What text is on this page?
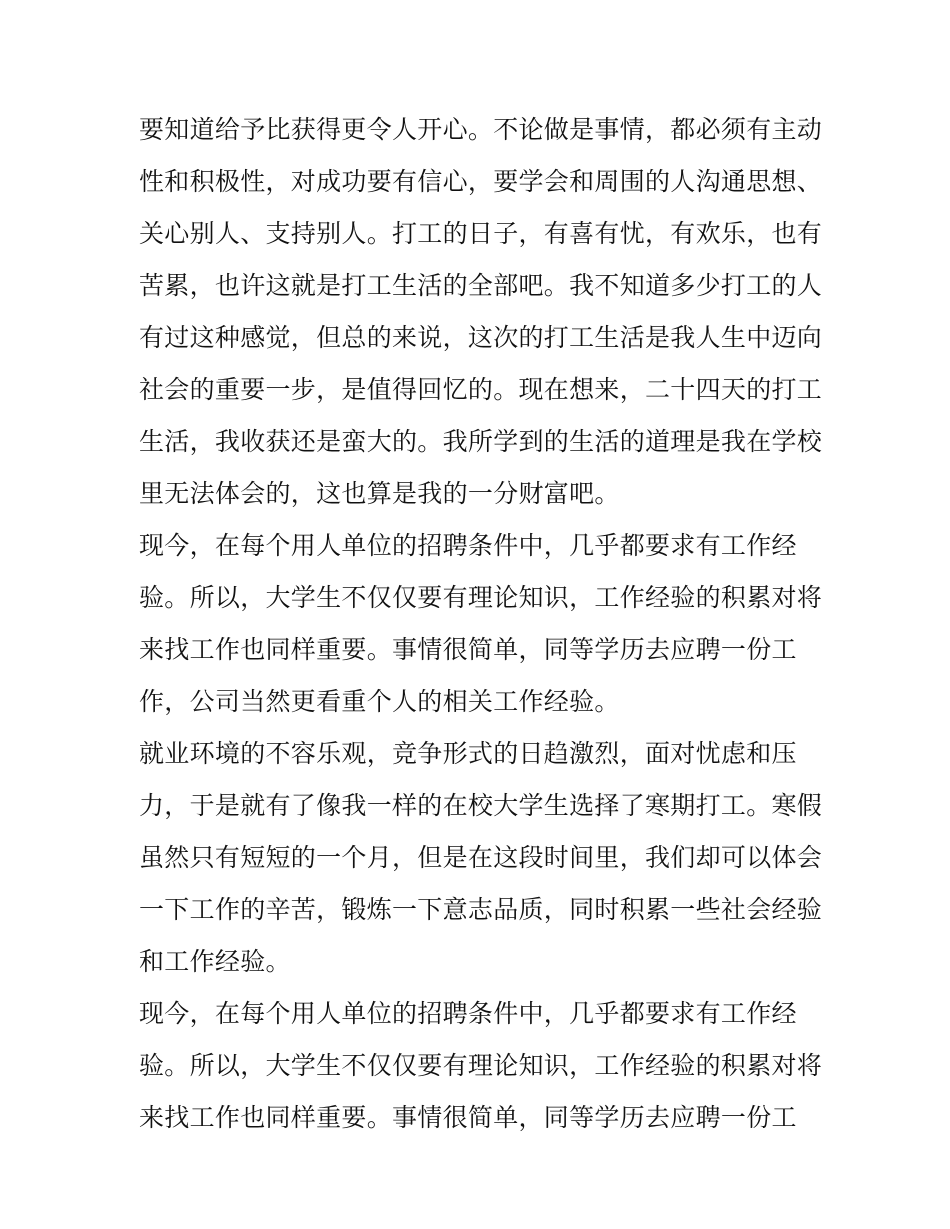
要知道给予比获得更令人开心。不论做是事情，都必须有主动
性和积极性，对成功要有信心，要学会和周围的人沟通思想、
关心别人、支持别人。打工的日子，有喜有忧，有欢乐，也有
苦累，也许这就是打工生活的全部吧。我不知道多少打工的人
有过这种感觉，但总的来说，这次的打工生活是我人生中迈向
社会的重要一步，是值得回忆的。现在想来，二十四天的打工
生活，我收获还是蛮大的。我所学到的生活的道理是我在学校
里无法体会的，这也算是我的一分财富吧。
现今，在每个用人单位的招聘条件中，几乎都要求有工作经
验。所以，大学生不仅仅要有理论知识，工作经验的积累对将
来找工作也同样重要。事情很简单，同等学历去应聘一份工
作，公司当然更看重个人的相关工作经验。
就业环境的不容乐观，竞争形式的日趋激烈，面对忧虑和压
力，于是就有了像我一样的在校大学生选择了寒期打工。寒假
虽然只有短短的一个月，但是在这段时间里，我们却可以体会
一下工作的辛苦，锻炼一下意志品质，同时积累一些社会经验
和工作经验。
现今，在每个用人单位的招聘条件中，几乎都要求有工作经
验。所以，大学生不仅仅要有理论知识，工作经验的积累对将
来找工作也同样重要。事情很简单，同等学历去应聘一份工
